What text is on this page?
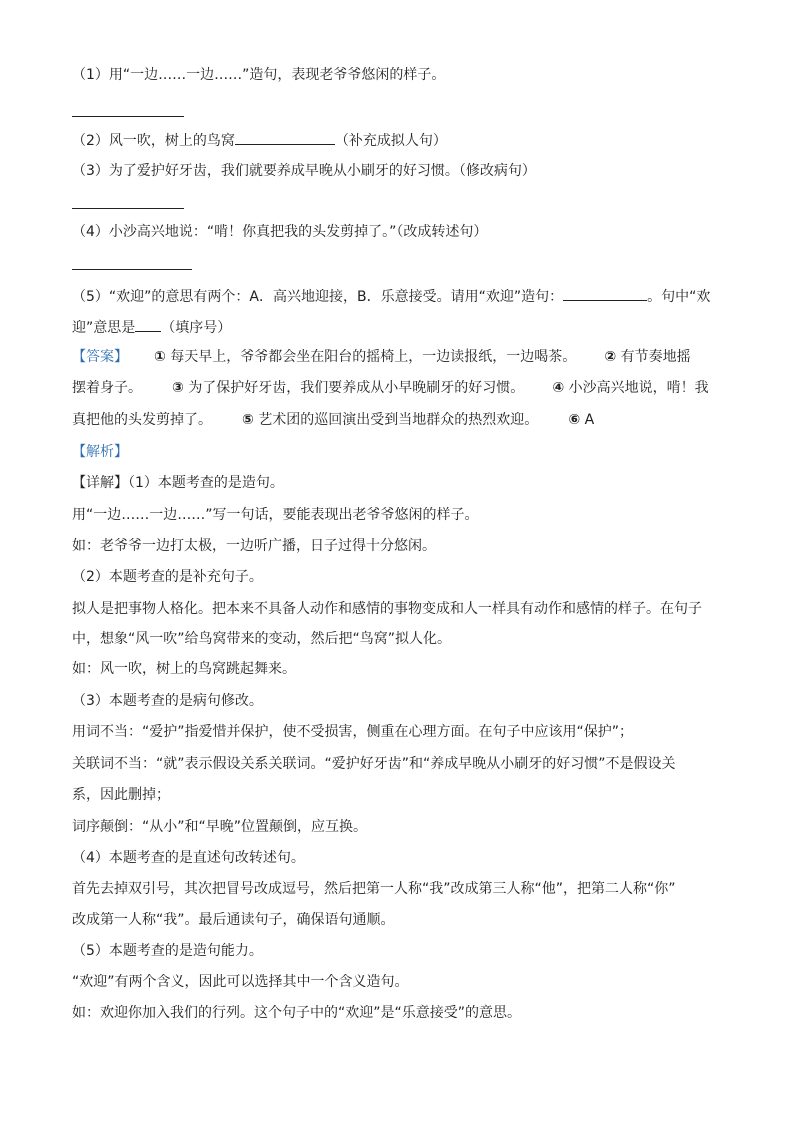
（1）用“一边……一边……”造句，表现老爷爷悠闲的样子。
（2）风一吹，树上的鸟窝	（补充成拟人句）
（3）为了爱护好牙齿，我们就要养成早晚从小刷牙的好习惯。（修改病句）
（4）小沙高兴地说：“啃！你真把我的头发剪掉了。”（改成转述句）
（5）“欢迎”的意思有两个：A．高兴地迎接，B．乐意接受。请用“欢迎”造句：	。句中“欢
迎”意思是 （填序号）
【答案】 ① 每天早上，爷爷都会坐在阳台的摇椅上，一边读报纸，一边喝茶。 ② 有节奏地摇
摆着身子。 ③ 为了保护好牙齿，我们要养成从小早晚刷牙的好习惯。 ④ 小沙高兴地说，啃！我
真把他的头发剪掉了。 ⑤ 艺术团的巡回演出受到当地群众的热烈欢迎。 ⑥ A
【解析】
【详解】（1）本题考查的是造句。
用“一边……一边……”写一句话，要能表现出老爷爷悠闲的样子。
如：老爷爷一边打太极，一边听广播，日子过得十分悠闲。
（2）本题考查的是补充句子。
拟人是把事物人格化。把本来不具备人动作和感情的事物变成和人一样具有动作和感情的样子。在句子
中，想象“风一吹”给鸟窝带来的变动，然后把“鸟窝”拟人化。
如：风一吹，树上的鸟窝跳起舞来。
（3）本题考查的是病句修改。
用词不当：“爱护”指爱惜并保护，使不受损害，侧重在心理方面。在句子中应该用“保护”；
关联词不当：“就”表示假设关系关联词。“爱护好牙齿”和“养成早晚从小刷牙的好习惯”不是假设关
系，因此删掉；
词序颠倒：“从小”和“早晚”位置颠倒，应互换。
（4）本题考查的是直述句改转述句。
首先去掉双引号，其次把冒号改成逗号，然后把第一人称“我”改成第三人称“他”，把第二人称“你”
改成第一人称“我”。最后通读句子，确保语句通顺。
（5）本题考查的是造句能力。
“欢迎”有两个含义，因此可以选择其中一个含义造句。
如：欢迎你加入我们的行列。这个句子中的“欢迎”是“乐意接受”的意思。
